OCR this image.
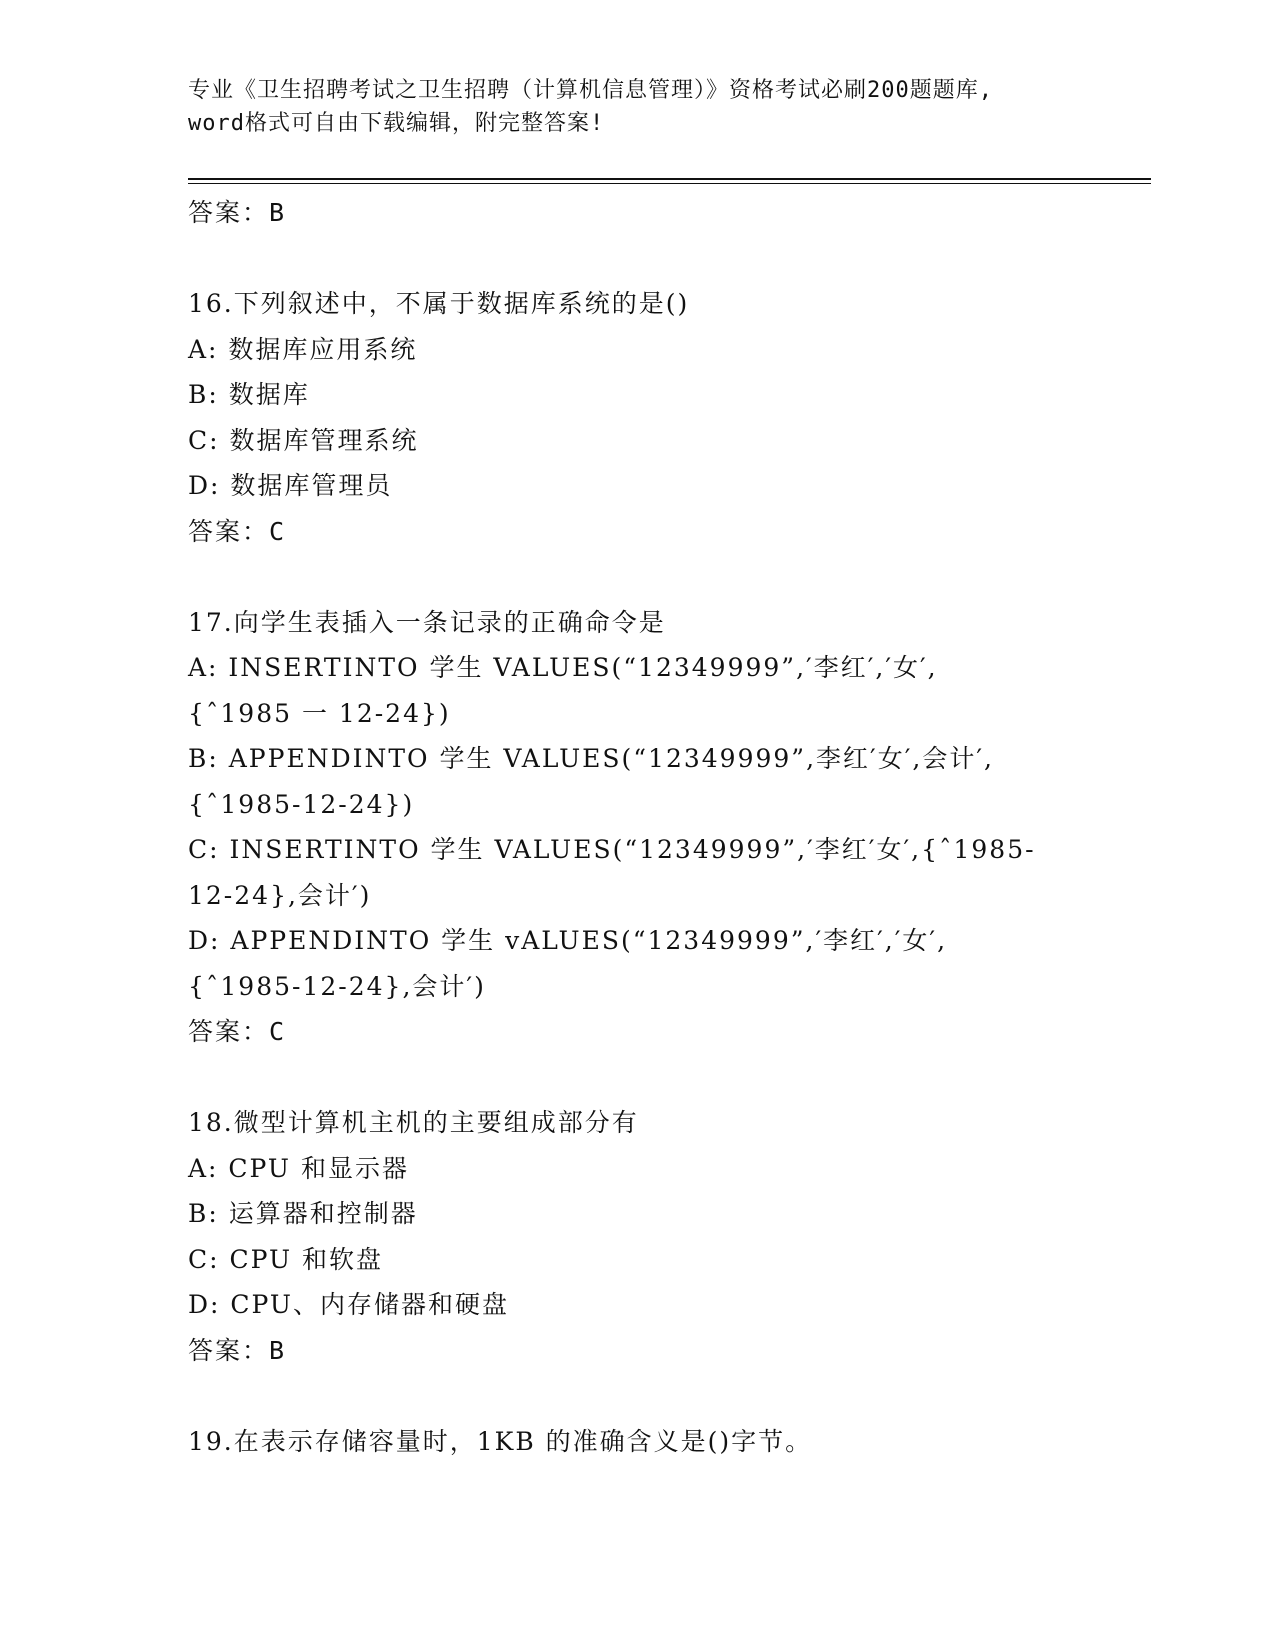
专业《卫生招聘考试之卫生招聘（计算机信息管理）》资格考试必刷200题题库,
word格式可自由下载编辑，附完整答案!
答案：B
16.下列叙述中，不属于数据库系统的是()
A: 数据库应用系统
B: 数据库
C: 数据库管理系统
D: 数据库管理员
答案：C
17.向学生表插入一条记录的正确命令是
A: INSERTINTO 学生 VALUES(“12349999”,′李红′,′女′,
{ˆ1985 一 12-24})
B: APPENDINTO 学生 VALUES(“12349999”,李红′女′,会计′,
{ˆ1985-12-24})
C: INSERTINTO 学生 VALUES(“12349999”,′李红′女′,{ˆ1985-
12-24},会计′)
D: APPENDINTO 学生 vALUES(“12349999”,′李红′,′女′,
{ˆ1985-12-24},会计′)
答案：C
18.微型计算机主机的主要组成部分有
A: CPU 和显示器
B: 运算器和控制器
C: CPU 和软盘
D: CPU、内存储器和硬盘
答案：B
19.在表示存储容量时，1KB 的准确含义是()字节。
